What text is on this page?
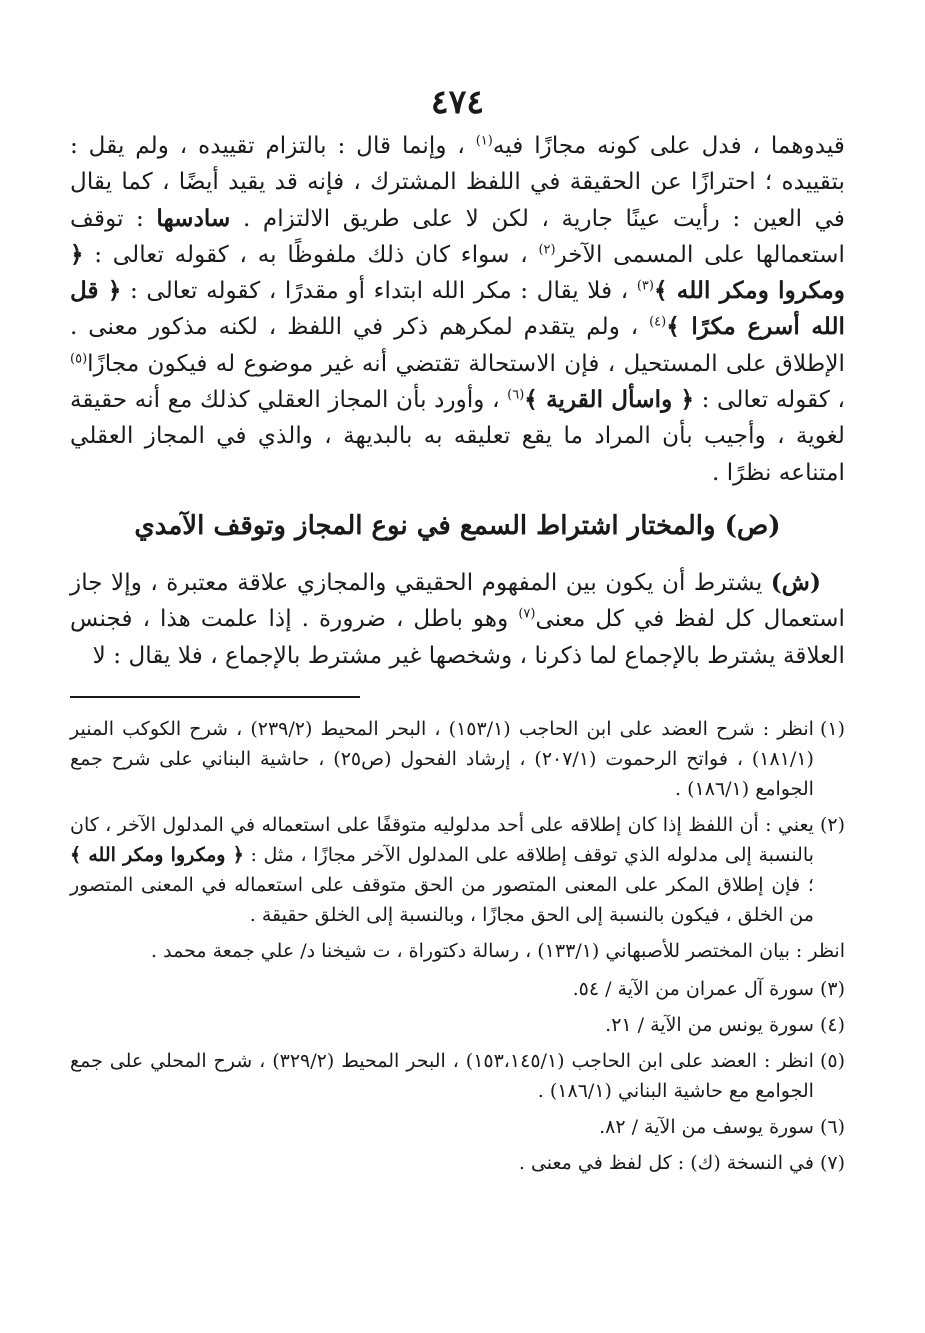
٤٧٤

قيدوهما ، فدل على كونه مجازًا فيه$^{(١)}$ ، وإنما قال : بالتزام تقييده ، ولم يقل : بتقييده ؛ احترازًا عن الحقيقة في اللفظ المشترك ، فإنه قد يقيد أيضًا ، كما يقال في العين : رأيت عينًا جارية ، لكن لا على طريق الالتزام . سادسها : توقف استعمالها على المسمى الآخر$^{(٢)}$ ، سواء كان ذلك ملفوظًا به ، كقوله تعالى : ﴿ ومكروا ومكر الله ﴾$^{(٣)}$ ، فلا يقال : مكر الله ابتداء أو مقدرًا ، كقوله تعالى : ﴿ قل الله أسرع مكرًا ﴾$^{(٤)}$ ، ولم يتقدم لمكرهم ذكر في اللفظ ، لكنه مذكور معنى . الإطلاق على المستحيل ، فإن الاستحالة تقتضي أنه غير موضوع له فيكون مجازًا$^{(٥)}$ ، كقوله تعالى : ﴿ واسأل القرية ﴾$^{(٦)}$ ، وأورد بأن المجاز العقلي كذلك مع أنه حقيقة لغوية ، وأجيب بأن المراد ما يقع تعليقه به بالبديهة ، والذي في المجاز العقلي امتناعه نظرًا .

(ص) والمختار اشتراط السمع في نوع المجاز وتوقف الآمدي

(ش) يشترط أن يكون بين المفهوم الحقيقي والمجازي علاقة معتبرة ، وإلا جاز استعمال كل لفظ في كل معنى$^{(٧)}$ وهو باطل ، ضرورة . إذا علمت هذا ، فجنس العلاقة يشترط بالإجماع لما ذكرنا ، وشخصها غير مشترط بالإجماع ، فلا يقال : لا

(١)
انظر : شرح العضد على ابن الحاجب (١٥٣/١) ، البحر المحيط (٢٣٩/٢) ، شرح الكوكب المنير (١٨١/١) ، فواتح الرحموت (٢٠٧/١) ، إرشاد الفحول (ص٢٥) ، حاشية البناني على شرح جمع الجوامع (١٨٦/١) .
(٢)
يعني : أن اللفظ إذا كان إطلاقه على أحد مدلوليه متوقفًا على استعماله في المدلول الآخر ، كان بالنسبة إلى مدلوله الذي توقف إطلاقه على المدلول الآخر مجازًا ، مثل : ﴿ ومكروا ومكر الله ﴾ ؛ فإن إطلاق المكر على المعنى المتصور من الحق متوقف على استعماله في المعنى المتصور من الخلق ، فيكون بالنسبة إلى الحق مجازًا ، وبالنسبة إلى الخلق حقيقة .
انظر : بيان المختصر للأصبهاني (١٣٣/١) ، رسالة دكتوراة ، ت شيخنا د/ علي جمعة محمد .
(٣)
سورة آل عمران من الآية / ٥٤.
(٤)
سورة يونس من الآية / ٢١.
(٥)
انظر : العضد على ابن الحاجب (١٥٣،١٤٥/١) ، البحر المحيط (٣٢٩/٢) ، شرح المحلي على جمع الجوامع مع حاشية البناني (١٨٦/١) .
(٦)
سورة يوسف من الآية / ٨٢.
(٧)
في النسخة (ك) : كل لفظ في معنى .
